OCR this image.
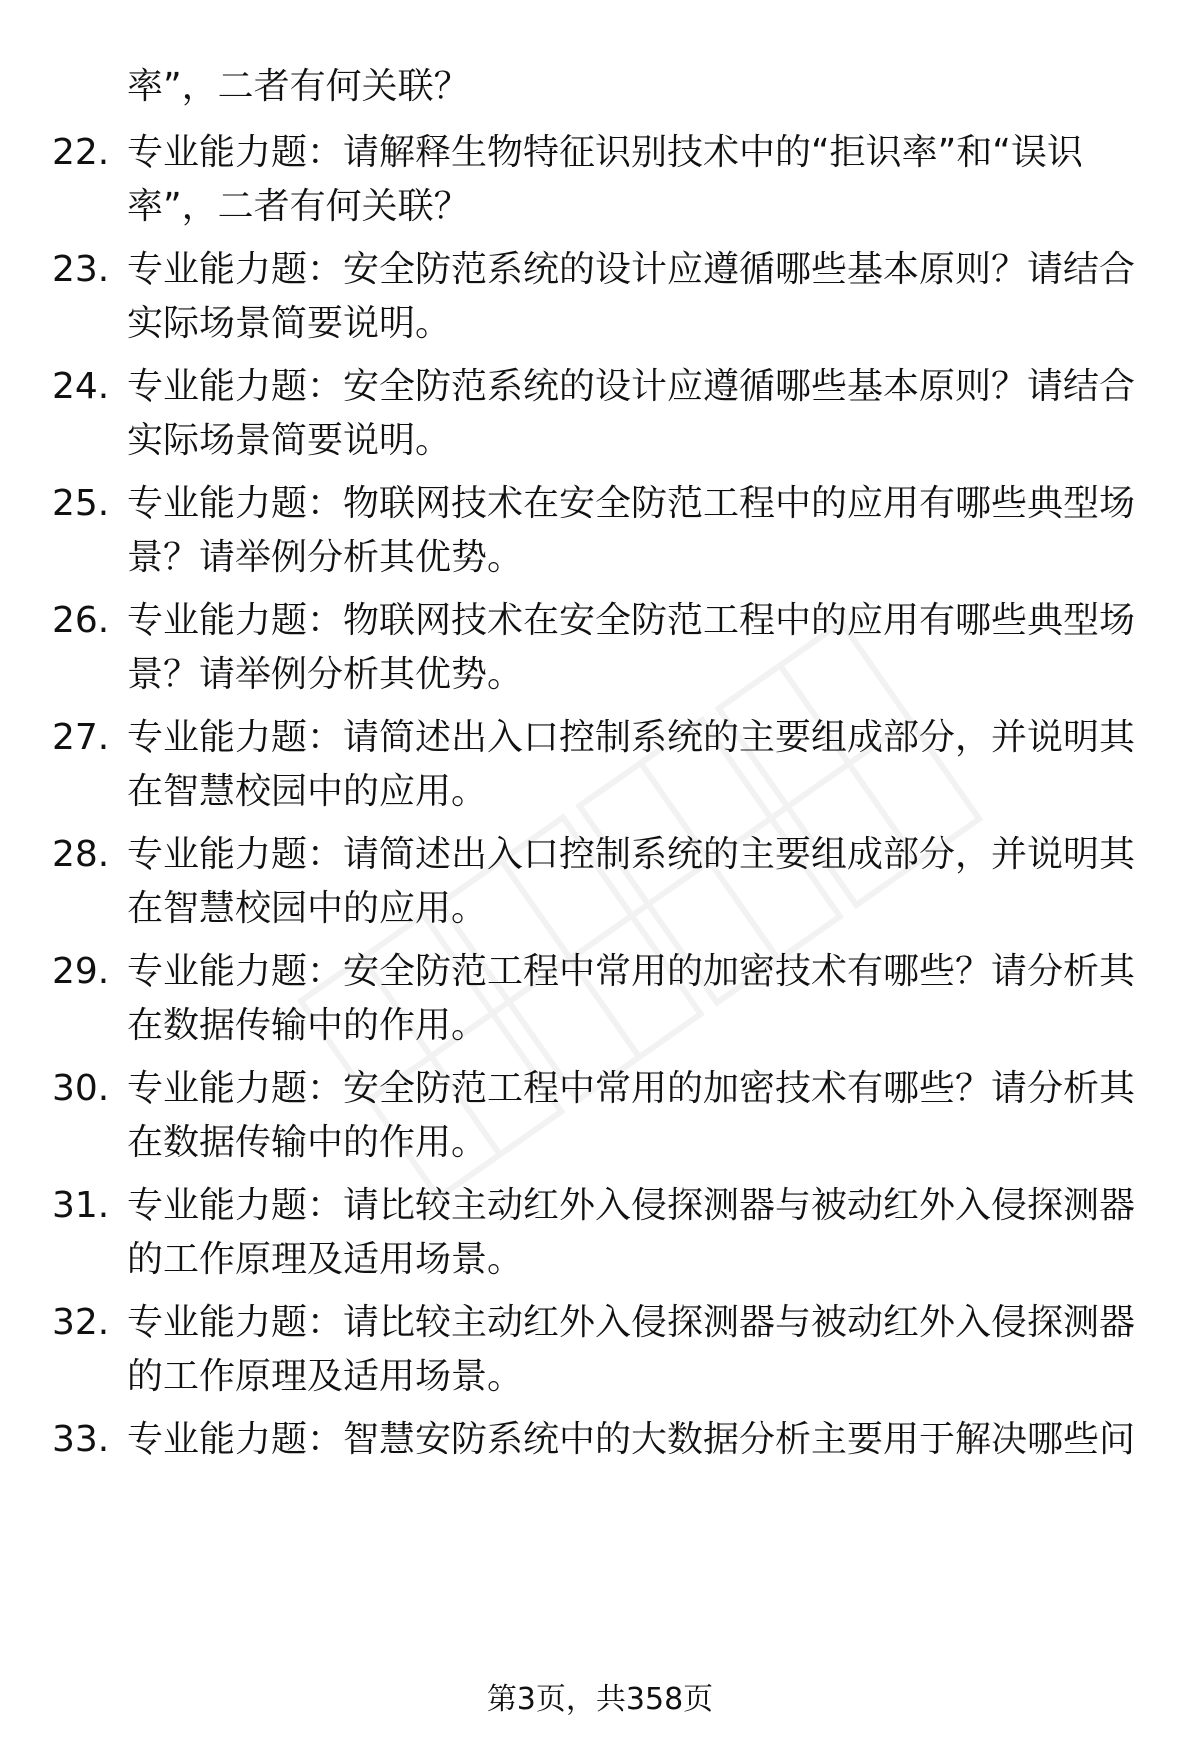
率”，二者有何关联？
22. 专业能力题：请解释生物特征识别技术中的“拒识率”和“误识
率”，二者有何关联？
23. 专业能力题：安全防范系统的设计应遵循哪些基本原则？请结合
实际场景简要说明。
24. 专业能力题：安全防范系统的设计应遵循哪些基本原则？请结合
实际场景简要说明。
25. 专业能力题：物联网技术在安全防范工程中的应用有哪些典型场
景？请举例分析其优势。
26. 专业能力题：物联网技术在安全防范工程中的应用有哪些典型场
景？请举例分析其优势。
27. 专业能力题：请简述出入口控制系统的主要组成部分，并说明其
在智慧校园中的应用。
28. 专业能力题：请简述出入口控制系统的主要组成部分，并说明其
在智慧校园中的应用。
29. 专业能力题：安全防范工程中常用的加密技术有哪些？请分析其
在数据传输中的作用。
30. 专业能力题：安全防范工程中常用的加密技术有哪些？请分析其
在数据传输中的作用。
31. 专业能力题：请比较主动红外入侵探测器与被动红外入侵探测器
的工作原理及适用场景。
32. 专业能力题：请比较主动红外入侵探测器与被动红外入侵探测器
的工作原理及适用场景。
33. 专业能力题：智慧安防系统中的大数据分析主要用于解决哪些问
第3页，共358页
